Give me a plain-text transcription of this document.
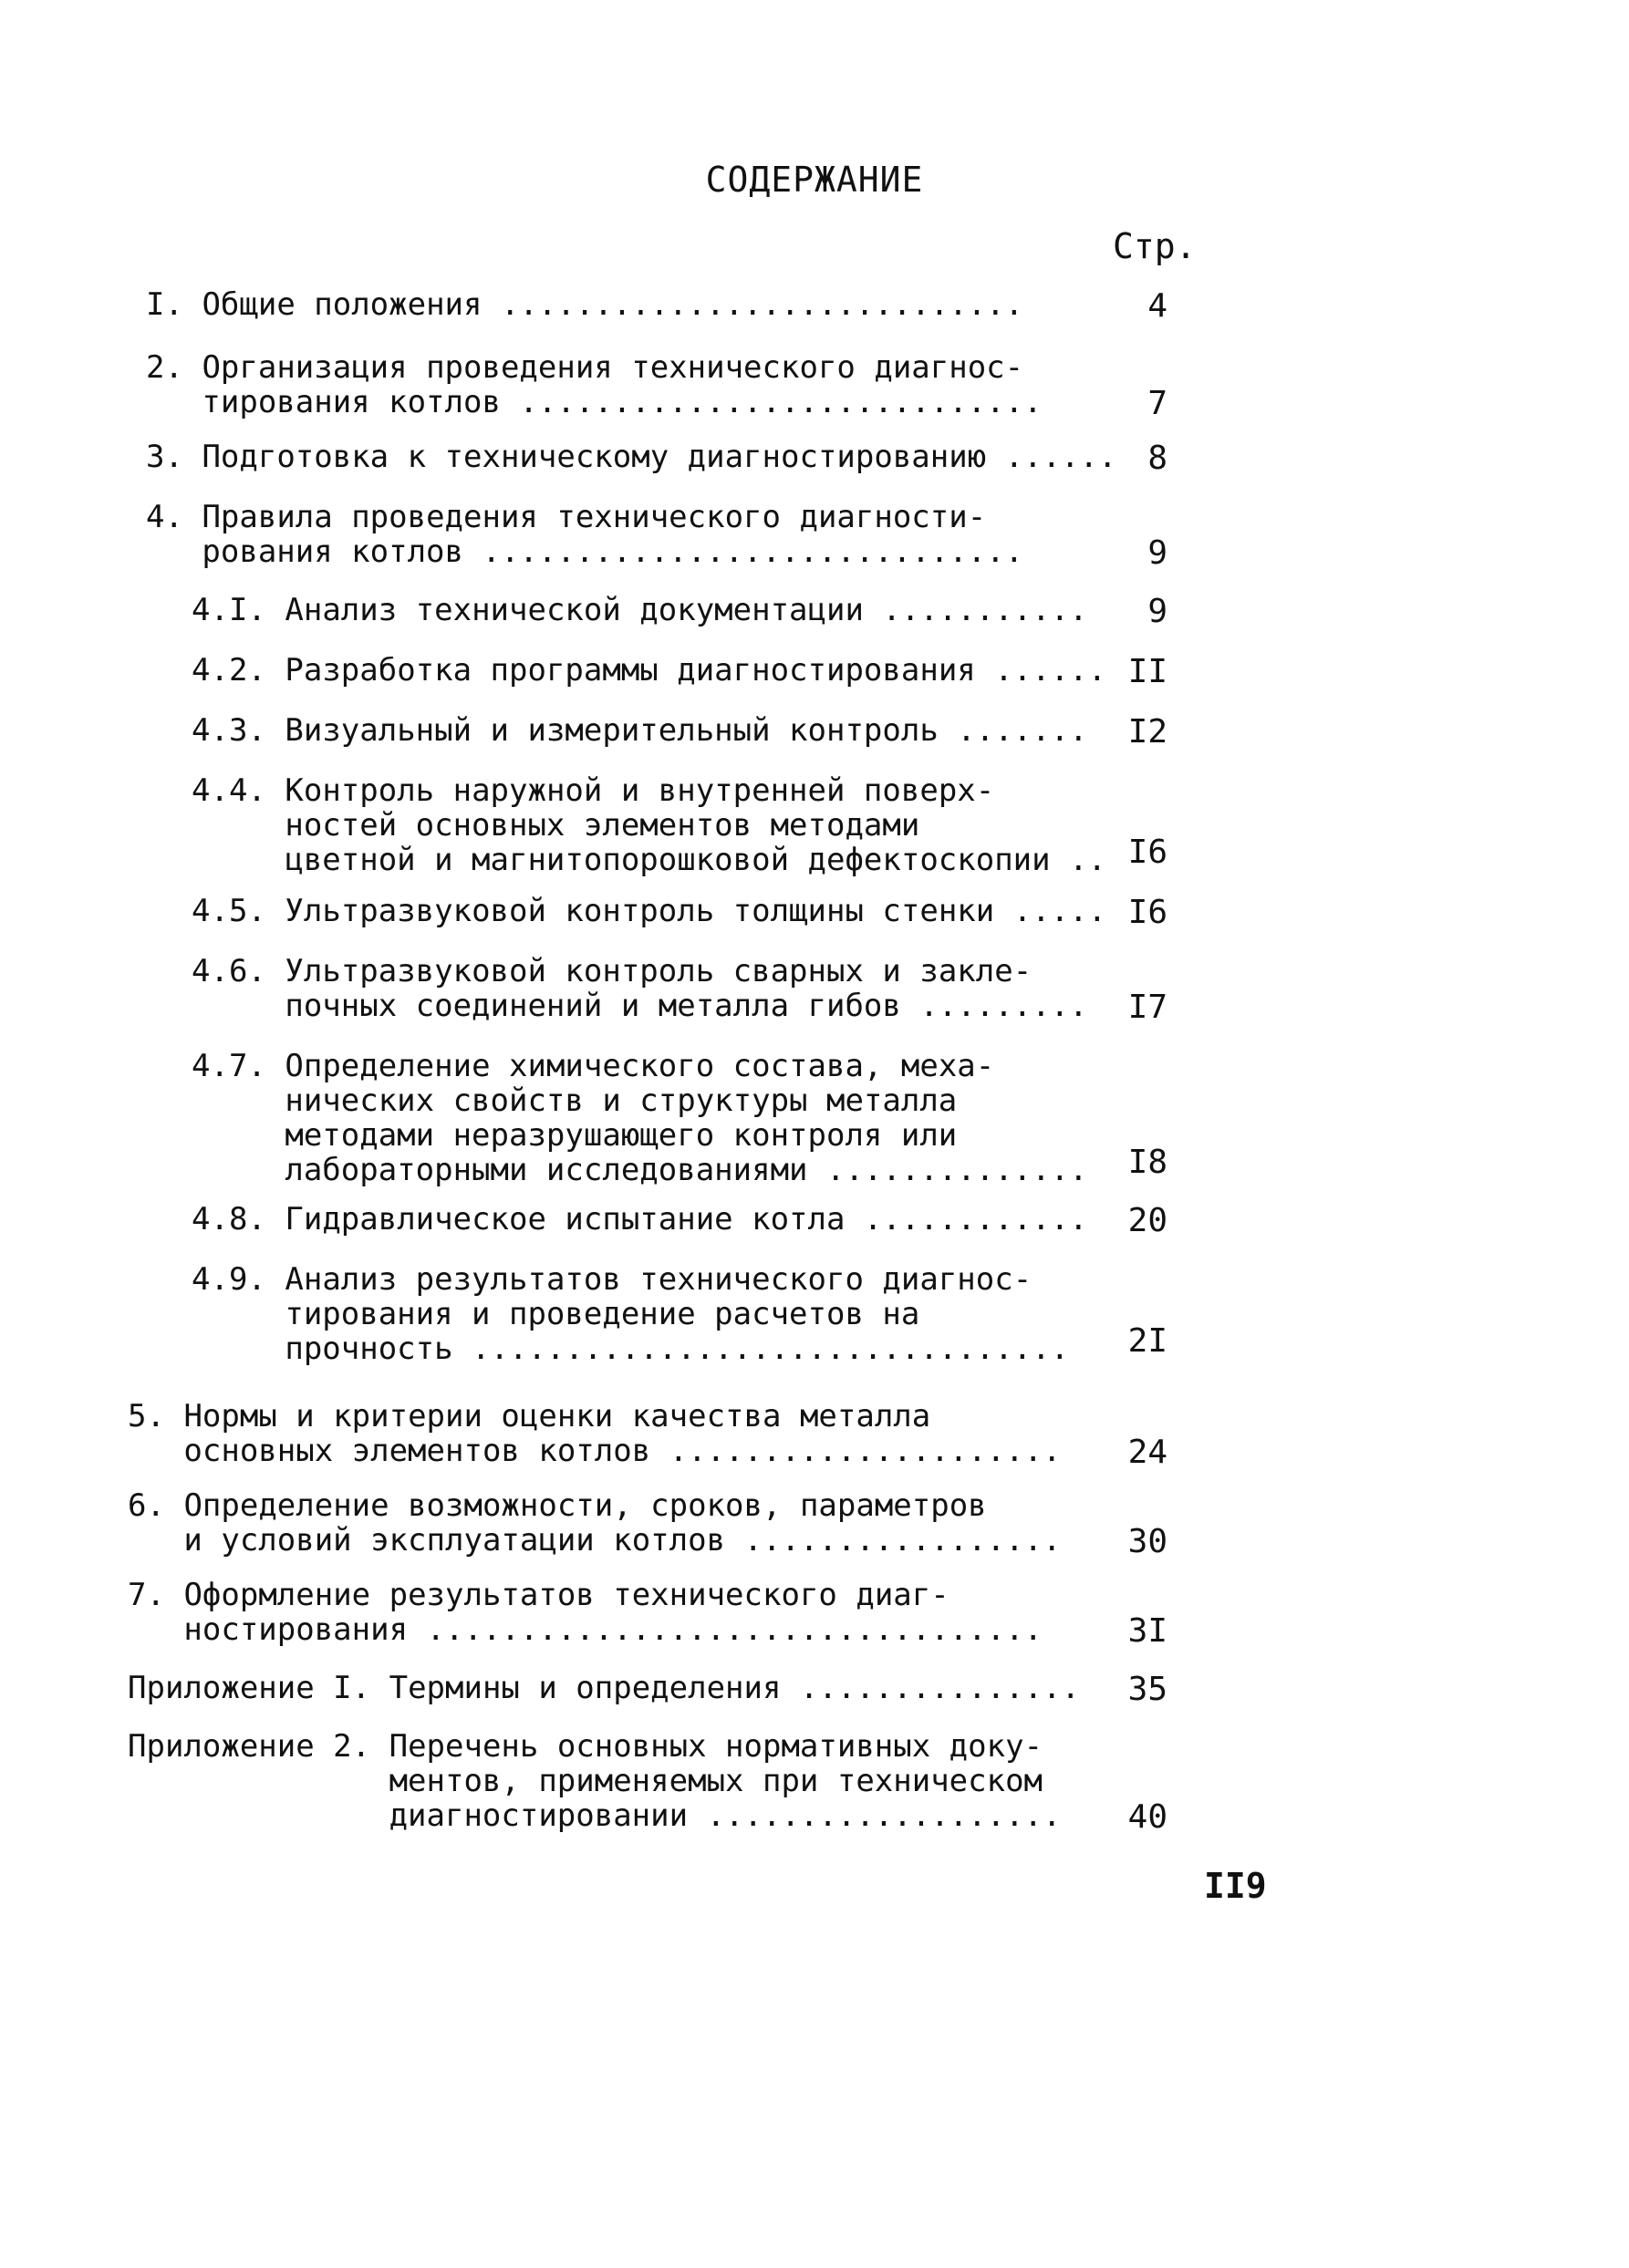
СОДЕРЖАНИЕ
Стр.
I. Общие положения ............................	4
2. Организация проведения технического диагнос-
тирования котлов ............................	7
3. Подготовка к техническому диагностированию ...... 8
4. Правила проведения технического диагности-
рования котлов .............................	9
4.I. Анализ технической документации ...........	9
4.2. Разработка программы диагностирования ...... II
4.3. Визуальный и измерительный контроль .......	I2
4.4. Контроль наружной и внутренней поверх-
ностей основных элементов методами
цветной и магнитопорошковой дефектоскопии .. I6
4.5. Ультразвуковой контроль толщины стенки ..... I6
4.6. Ультразвуковой контроль сварных и закле-
почных соединений и металла гибов .........	I7
4.7. Определение химического состава, меха-
нических свойств и структуры металла
методами неразрушающего контроля или
лабораторными исследованиями ..............	I8
4.8. Гидравлическое испытание котла ............	20
4.9. Анализ результатов технического диагнос-
тирования и проведение расчетов на
прочность ................................	2I
5. Нормы и критерии оценки качества металла
основных элементов котлов .....................	24
6. Определение возможности, сроков, параметров
и условий эксплуатации котлов .................	30
7. Оформление результатов технического диаг-
ностирования .................................	3I
Приложение I. Термины и определения ...............	35
Приложение 2. Перечень основных нормативных доку-
ментов, применяемых при техническом
диагностировании ...................	40
II9
